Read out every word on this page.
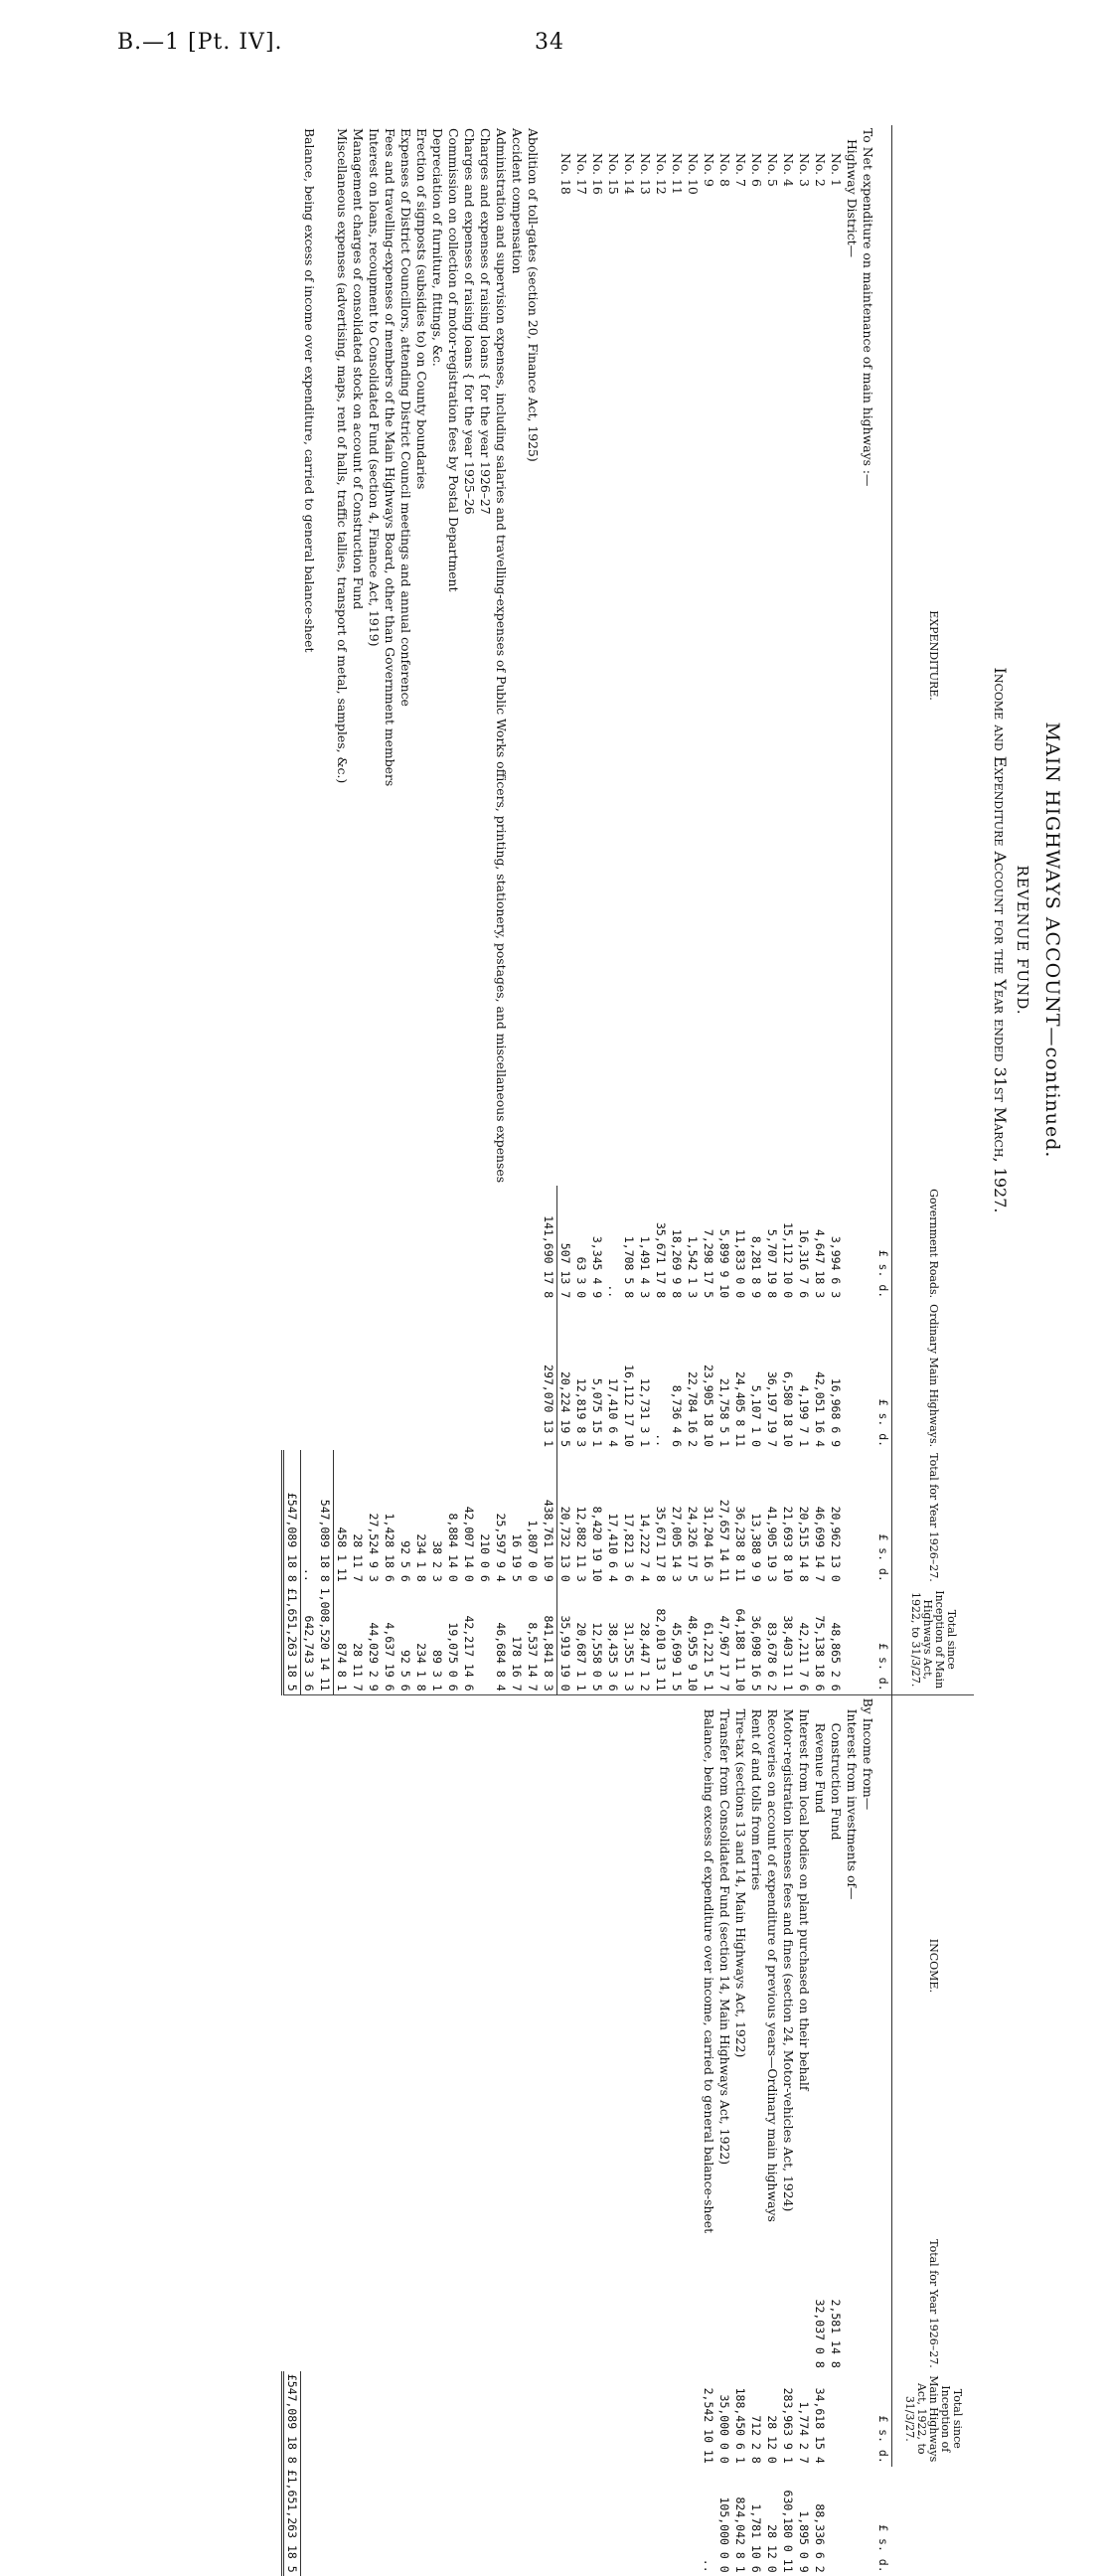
B.—1 [Pt. IV].	34
MAIN HIGHWAYS ACCOUNT—continued.
REVENUE FUND.
Income and Expenditure Account for the Year ended 31st March, 1927.
EXPENDITURE.	Government Roads.	Ordinary Main Highways.	Total for Year 1926–27.	Total since Inception of Main Highways Act, 1922, to 31/3/27.	INCOME.	Total for Year 1926–27.	Total since Inception of Main Highways Act, 1922, to 31/3/27.	
	£ s. d.	£ s. d.	£ s. d.	£ s. d.			£ s. d.	£ s. d.
To Net expenditure on maintenance of main highways :—					By Income from—			
Highway District—					Interest from investments of—			
No. 1	3,994 6 3	16,968 6 9	20,962 13 0	48,865 2 6	Construction Fund	2,581 14 8		
No. 2	4,647 18 3	42,051 16 4	46,699 14 7	75,138 18 6	Revenue Fund	32,037 0 8	34,618 15 4	88,336 6 2
No. 3	16,316 7 6	4,199 7 1	20,515 14 8	42,211 7 6	Interest from local bodies on plant purchased on their behalf		1,774 2 7	1,895 0 9
No. 4	15,112 10 0	6,580 18 10	21,693 8 10	38,403 11 1	Motor-registration licenses fees and fines (section 24, Motor-vehicles Act, 1924)		283,963 9 1	630,180 0 11
No. 5	5,707 19 8	36,197 19 7	41,905 19 3	83,678 6 2	Recoveries on account of expenditure of previous years—Ordinary main highways		28 12 0	28 12 0
No. 6	8,281 8 9	5,107 1 0	13,388 9 9	36,098 16 5	Rent of and tolls from ferries		712 2 8	1,781 10 6
No. 7	11,833 0 0	24,405 8 11	36,238 8 11	64,188 11 10	Tire-tax (sections 13 and 14, Main Highways Act, 1922)		188,450 6 1	824,042 8 1
No. 8	5,899 9 10	21,758 5 1	27,657 14 11	47,967 17 7	Transfer from Consolidated Fund (section 14, Main Highways Act, 1922)		35,000 0 0	105,000 0 0
No. 9	7,298 17 5	23,905 18 10	31,204 16 3	61,221 5 1	Balance, being excess of expenditure over income, carried to general balance-sheet		2,542 10 11	..
No. 10	1,542 1 3	22,784 16 2	24,326 17 5	48,955 9 10				
No. 11	18,269 9 8	8,736 4 6	27,005 14 3	45,699 1 5				
No. 12	35,671 17 8	..	35,671 17 8	82,010 13 11				
No. 13	1,491 4 3	12,731 3 1	14,222 7 4	28,447 1 2				
No. 14	1,708 5 8	16,112 17 10	17,821 3 6	31,355 1 3				
No. 15	..	17,410 6 4	17,410 6 4	38,435 3 6				
No. 16	3,345 4 9	5,075 15 1	8,420 19 10	12,558 0 5				
No. 17	63 3 0	12,819 8 3	12,882 11 3	20,687 1 1				
No. 18	507 13 7	20,224 19 5	20,732 13 0	35,919 19 0				
	141,690 17 8	297,070 13 1	438,761 10 9	841,841 8 3				
Abolition of toll-gates (section 20, Finance Act, 1925)			1,807 0 0	8,537 14 7				
Accident compensation			16 19 5	178 16 7				
Administration and supervision expenses, including salaries and travelling-expenses of Public Works officers, printing, stationery, postages, and miscellaneous expenses			25,597 9 4	46,684 8 4				
Charges and expenses of raising loans { for the year 1926–27			210 0 6					
Charges and expenses of raising loans { for the year 1925–26			42,007 14 0	42,217 14 6				
Commission on collection of motor-registration fees by Postal Department			8,884 14 0	19,075 0 6				
Depreciation of furniture, fittings, &c.			38 2 3	89 3 1				
Erection of signposts (subsidies to) on County boundaries			234 1 8	234 1 8				
Expenses of District Councillors, attending District Council meetings and annual conference			92 5 6	92 5 6				
Fees and travelling-expenses of members of the Main Highways Board, other than Government members			1,428 18 6	4,637 19 6				
Interest on loans, recoupment to Consolidated Fund (section 4, Finance Act, 1919)			27,524 9 3	44,029 2 9				
Management charges of consolidated stock on account of Construction Fund			28 11 7	28 11 7				
Miscellaneous expenses (advertising, maps, rent of halls, traffic tallies, transport of metal, samples, &c.)			458 1 11	874 8 1				
			547,089 18 8	1,008,520 14 11				
Balance, being excess of income over expenditure, carried to general balance-sheet			..	642,743 3 6				
			£547,089 18 8	£1,651,263 18 5			£547,089 18 8	£1,651,263 18 5
